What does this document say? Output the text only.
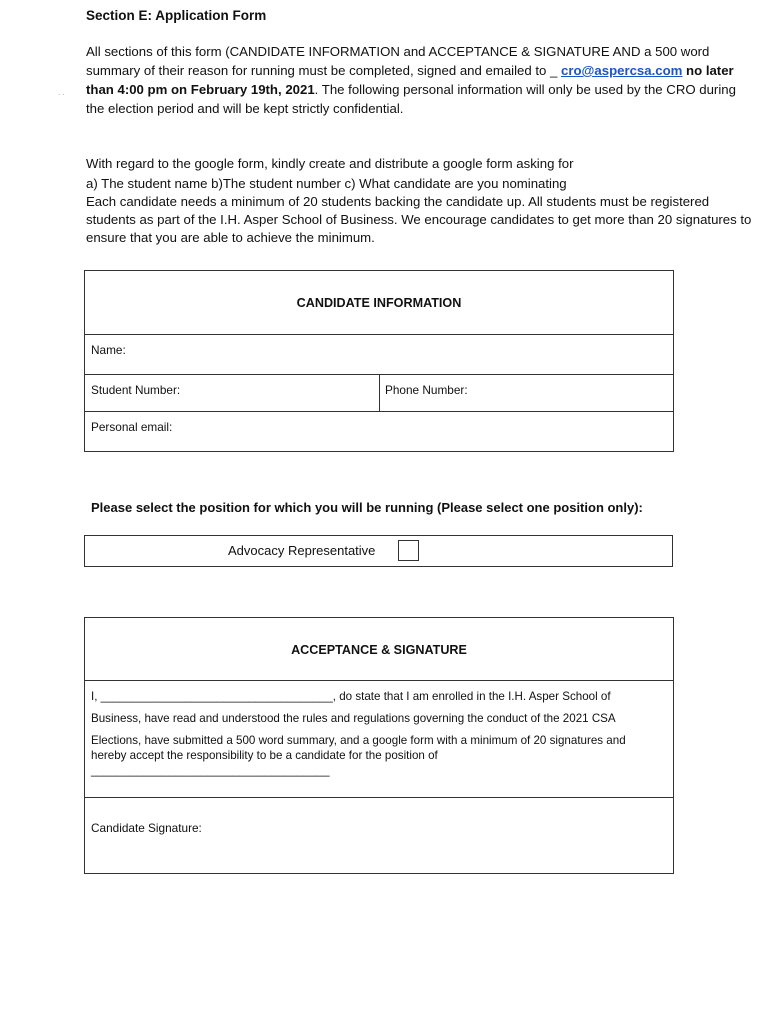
Section E: Application Form
. .
All sections of this form (CANDIDATE INFORMATION and ACCEPTANCE & SIGNATURE AND a 500 word summary of their reason for running must be completed, signed and emailed to _ cro@aspercsa.com no later than 4:00 pm on February 19th, 2021. The following personal information will only be used by the CRO during the election period and will be kept strictly confidential.
With regard to the google form, kindly create and distribute a google form asking for
a) The student name b)The student number c) What candidate are you nominating
Each candidate needs a minimum of 20 students backing the candidate up. All students must be registered students as part of the I.H. Asper School of Business. We encourage candidates to get more than 20 signatures to ensure that you are able to achieve the minimum.
CANDIDATE INFORMATION
Name:
Student Number:	Phone Number:
Personal email:
Please select the position for which you will be running (Please select one position only):
Advocacy Representative
ACCEPTANCE & SIGNATURE
I, ____________________________________, do state that I am enrolled in the I.H. Asper School of
Business, have read and understood the rules and regulations governing the conduct of the 2021 CSA
Elections, have submitted a 500 word summary, and a google form with a minimum of 20 signatures and hereby accept the responsibility to be a candidate for the position of
_____________________________________
Candidate Signature:
